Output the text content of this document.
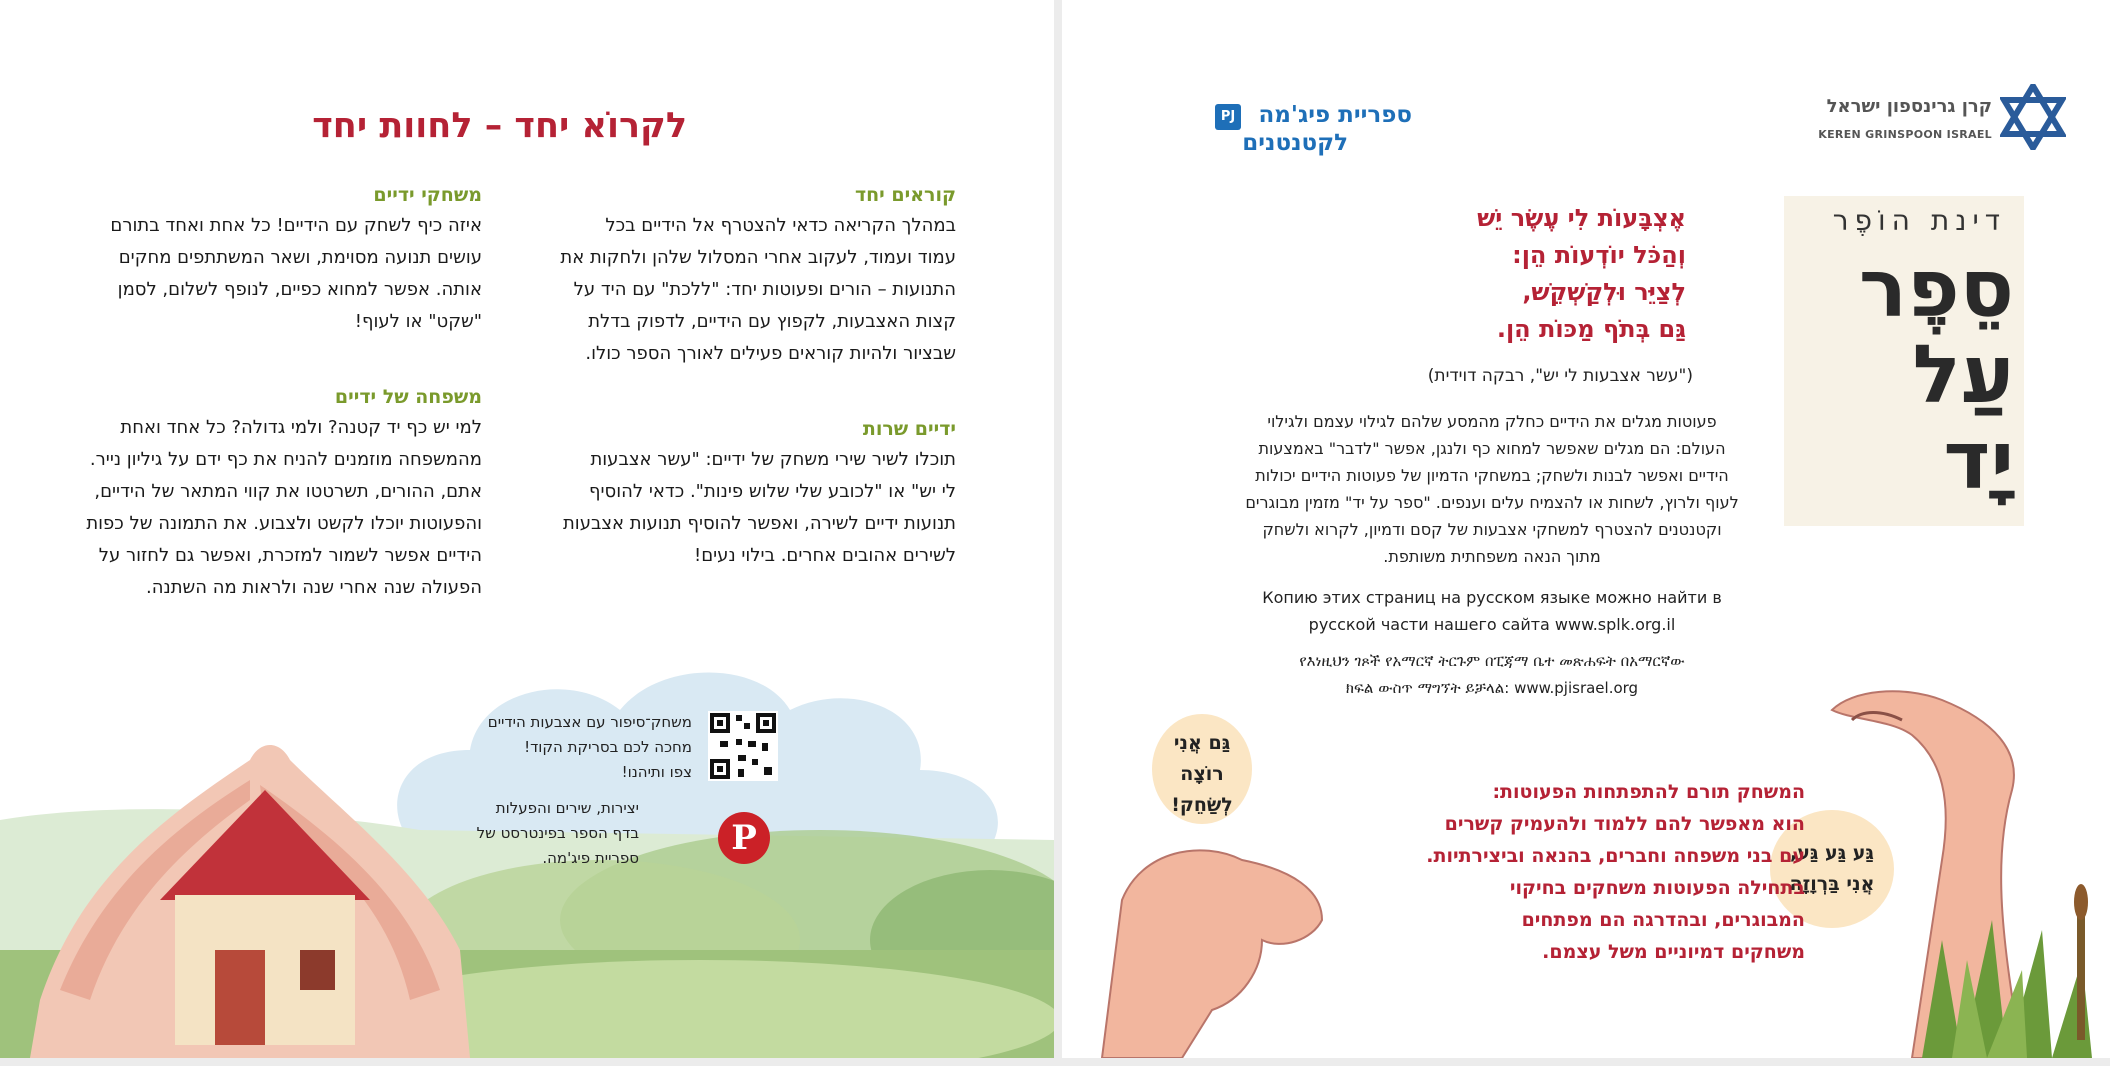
לקרוֹא יחד – לחוות יחד
קוראים יחד
במהלך הקריאה כדאי להצטרף אל הידיים בכל
עמוד ועמוד, לעקוב אחרי המסלול שלהן ולחקות את
התנועות – הורים ופעוטות יחד: "ללכת" עם היד על
קצות האצבעות, לקפוץ עם הידיים, לדפוק בדלת
שבציור ולהיות קוראים פעילים לאורך הספר כולו.
ידיים שרות
תוכלו לשיר שירי משחק של ידיים: "עשר אצבעות
לי יש" או "לכובע שלי שלוש פינות". כדאי להוסיף
תנועות ידיים לשירה, ואפשר להוסיף תנועות אצבעות
לשירים אהובים אחרים. בילוי נעים!
משחקי ידיים
איזה כיף לשחק עם הידיים! כל אחת ואחד בתורם
עושים תנועה מסוימת, ושאר המשתתפים מחקים
אותה. אפשר למחוא כפיים, לנופף לשלום, לסמן
"שקט" או לעוף!
משפחה של ידיים
למי יש כף יד קטנה? ולמי גדולה? כל אחד ואחת
מהמשפחה מוזמנים להניח את כף ידם על גיליון נייר.
אתם, ההורים, תשרטטו את קווי המתאר של הידיים,
והפעוטות יוכלו לקשט ולצבוע. את התמונה של כפות
הידיים אפשר לשמור למזכרת, ואפשר גם לחזור על
הפעולה שנה אחרי שנה ולראות מה השתנה.
משחק־סיפור עם אצבעות הידיים
מחכה לכם בסריקת הקוד!
צפו ותיהנו!
P
יצירות, שירים והפעלות
בדף הספר בפינטרסט של
ספריית פיג'מה.
קרן גרינספון ישראל
KEREN GRINSPOON ISRAEL
PJ ספריית פיג'מה
לקטנטנים
דינת הוֹפֶר
סֵפֶר
עַל
יָד
אֶצְבָּעוֹת לִי עֶשֶׂר יֵשׁ
וְהַכֹּל יוֹדְעוֹת הֵן:
לְצַיֵּר וּלְקַשְׁקֵשׁ,
גַּם בְּתֹף מַכּוֹת הֵן.
("עשר אצבעות לי יש", רבקה דוידית)
פעוטות מגלים את הידיים כחלק מהמסע שלהם לגילוי עצמם ולגילוי
העולם: הם מגלים שאפשר למחוא כף ולנגן, אפשר "לדבר" באמצעות
הידיים ואפשר לבנות ולשחק; במשחקי הדמיון של פעוטות הידיים יכולות
לעוף ולרוץ, לשחות או להצמיח עלים וענפים. "ספר על יד" מזמין מבוגרים
וקטנטנים להצטרף למשחקי אצבעות של קסם ודמיון, לקרוא ולשחק
מתוך הנאה משפחתית משותפת.
Копию этих страниц на русском языке можно найти в
русской части нашего сайта www.splk.org.il
የእነዚህን ገጾች የአማርኛ ትርጉም በፒጃማ ቤተ መጽሐፍት በአማርኛው
ክፍል ውስጥ ማግኘት ይቻላል: www.pjisrael.org
גַּם אֲנִי
רוֹצָה
לְשַׂחֵק!
גַּע גַּע גַּע,
אֲנִי בַּרְוָזָה
המשחק תורם להתפתחות הפעוטות:
הוא מאפשר להם ללמוד ולהעמיק קשרים
עם בני משפחה וחברים, בהנאה וביצירתיות.
בתחילה הפעוטות משחקים בחיקוי
המבוגרים, ובהדרגה הם מפתחים
משחקים דמיוניים משל עצמם.
